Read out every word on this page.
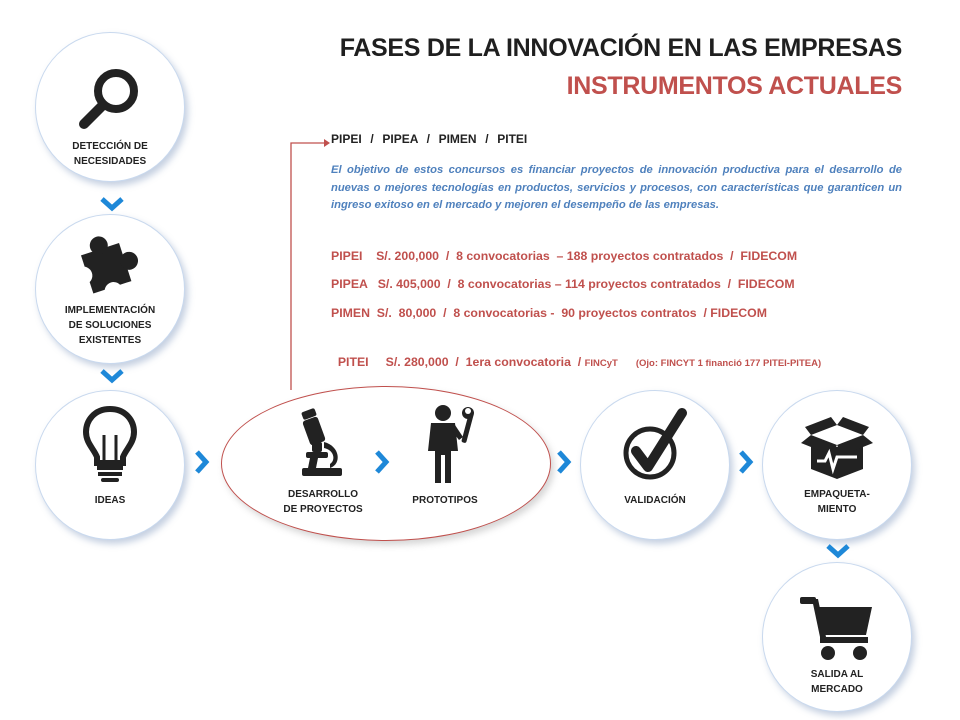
FASES DE LA INNOVACIÓN EN LAS EMPRESAS
INSTRUMENTOS ACTUALES
DETECCIÓN DE
NECESIDADES
IMPLEMENTACIÓN
DE SOLUCIONES
EXISTENTES
IDEAS
DESARROLLO
DE PROYECTOS
PROTOTIPOS	VALIDACIÓN
EMPAQUETA-
MIENTO
SALIDA AL
MERCADO
PIPEI  /  PIPEA  /  PIMEN  /  PITEI
El objetivo de estos concursos es financiar proyectos de innovación productiva para el desarrollo de nuevas o mejores tecnologías en productos, servicios y procesos, con características que garanticen un ingreso exitoso en el mercado y mejoren el desempeño de las empresas.
PIPEI    S/. 200,000  /  8 convocatorias  – 188 proyectos contratados  /  FIDECOM
PIPEA   S/. 405,000  /  8 convocatorias – 114 proyectos contratados  /  FIDECOM
PIMEN  S/.  80,000  /  8 convocatorias -  90 proyectos contratos  / FIDECOM

PITEI     S/. 280,000  /  1era convocatoria  / FINCyT (Ojo: FINCYT 1 financió 177 PITEI-PITEA)
